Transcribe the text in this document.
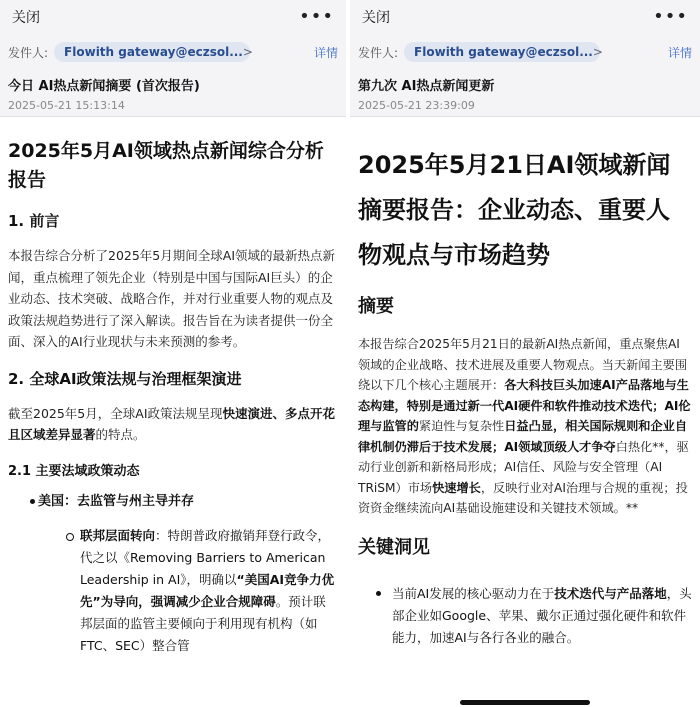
关闭	•••
发件人:	Flowith gateway@eczsol...>	详情
今日 AI热点新闻摘要 (首次报告)
2025-05-21 15:13:14
2025年5月AI领域热点新闻综合分析报告
1. 前言
本报告综合分析了2025年5月期间全球AI领域的最新热点新闻，重点梳理了领先企业（特别是中国与国际AI巨头）的企业动态、技术突破、战略合作，并对行业重要人物的观点及政策法规趋势进行了深入解读。报告旨在为读者提供一份全面、深入的AI行业现状与未来预测的参考。
2. 全球AI政策法规与治理框架演进
截至2025年5月，全球AI政策法规呈现快速演进、多点开花且区域差异显著的特点。
2.1 主要法域政策动态
美国：去监管与州主导并存
联邦层面转向：特朗普政府撤销拜登行政令，代之以《Removing Barriers to American Leadership in AI》，明确以“美国AI竞争力优先”为导向，强调减少企业合规障碍。预计联邦层面的监管主要倾向于利用现有机构（如FTC、SEC）整合管
关闭	•••
发件人:	Flowith gateway@eczsol...>	详情
第九次 AI热点新闻更新
2025-05-21 23:39:09
2025年5月21日AI领域新闻摘要报告：企业动态、重要人物观点与市场趋势
摘要
本报告综合2025年5月21日的最新AI热点新闻，重点聚焦AI领域的企业战略、技术进展及重要人物观点。当天新闻主要围绕以下几个核心主题展开：各大科技巨头加速AI产品落地与生态构建，特别是通过新一代AI硬件和软件推动技术迭代；AI伦理与监管的紧迫性与复杂性日益凸显，相关国际规则和企业自律机制仍滞后于技术发展；AI领域顶级人才争夺白热化**，驱动行业创新和新格局形成；AI信任、风险与安全管理（AI TRiSM）市场快速增长，反映行业对AI治理与合规的重视；投资资金继续流向AI基础设施建设和关键技术领域。**
关键洞见
当前AI发展的核心驱动力在于技术迭代与产品落地，头部企业如Google、苹果、戴尔正通过强化硬件和软件能力，加速AI与各行各业的融合。
